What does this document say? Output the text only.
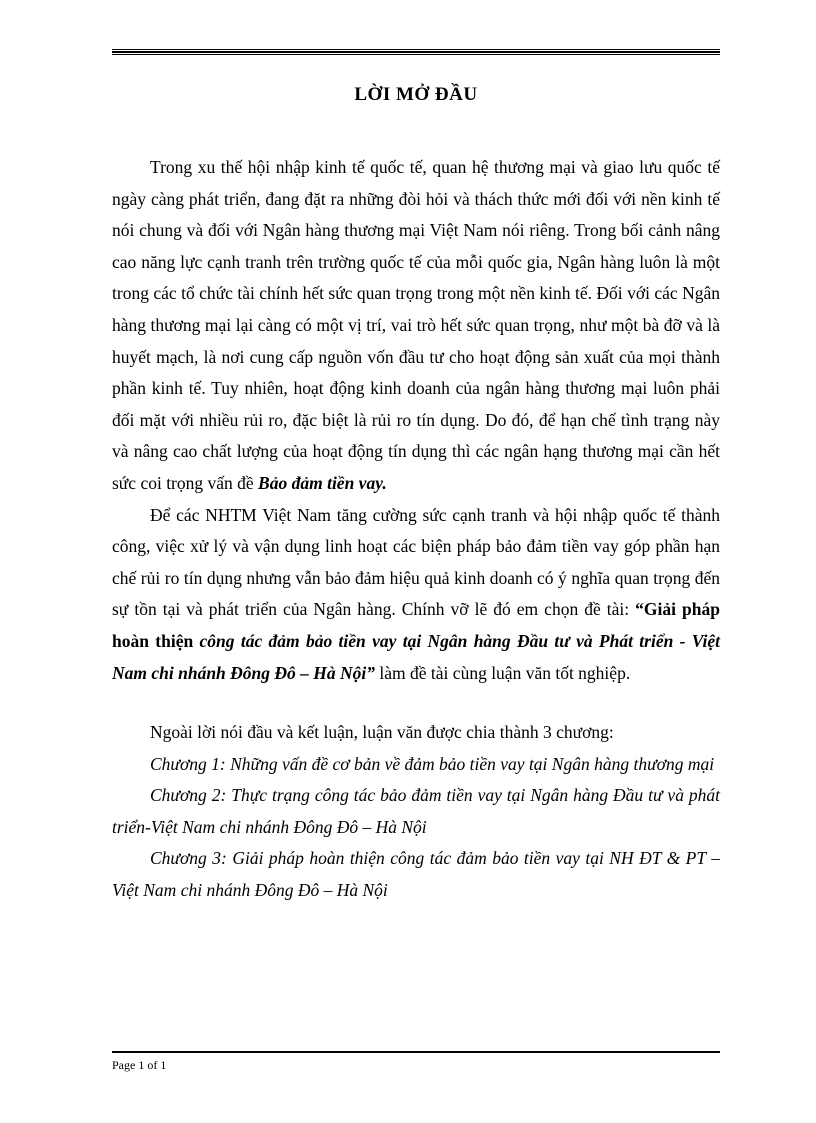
LỜI MỞ ĐẦU

Trong xu thế hội nhập kinh tế quốc tế, quan hệ thương mại và giao lưu quốc tế ngày càng phát triển, đang đặt ra những đòi hỏi và thách thức mới đối với nền kinh tế nói chung và đối với Ngân hàng thương mại Việt Nam nói riêng. Trong bối cảnh nâng cao năng lực cạnh tranh trên trường quốc tế của mỗi quốc gia, Ngân hàng luôn là một trong các tổ chức tài chính hết sức quan trọng trong một nền kinh tế. Đối với các Ngân hàng thương mại lại càng có một vị trí, vai trò hết sức quan trọng, như một bà đỡ và là huyết mạch, là nơi cung cấp nguồn vốn đầu tư cho hoạt động sản xuất của mọi thành phần kinh tế. Tuy nhiên, hoạt động kinh doanh của ngân hàng thương mại luôn phải đối mặt với nhiều rủi ro, đặc biệt là rủi ro tín dụng. Do đó, để hạn chế tình trạng này và nâng cao chất lượng của hoạt động tín dụng thì các ngân hạng thương mại cần hết sức coi trọng vấn đề Bảo đảm tiền vay.

Để các NHTM Việt Nam tăng cường sức cạnh tranh và hội nhập quốc tế thành công, việc xử lý và vận dụng linh hoạt các biện pháp bảo đảm tiền vay góp phần hạn chế rủi ro tín dụng nhưng vẫn bảo đảm hiệu quả kinh doanh có ý nghĩa quan trọng đến sự tồn tại và phát triển của Ngân hàng. Chính vỡ lẽ đó em chọn đề tài: “Giải pháp hoàn thiện công tác đảm bảo tiền vay tại Ngân hàng Đầu tư và Phát triển - Việt Nam chi nhánh Đông Đô – Hà Nội” làm đề tài cùng luận văn tốt nghiệp.

Ngoài lời nói đầu và kết luận, luận văn được chia thành 3 chương:

Chương 1: Những vấn đề cơ bản về đảm bảo tiền vay tại Ngân hàng thương mại

Chương 2: Thực trạng công tác bảo đảm tiền vay tại Ngân hàng Đầu tư và phát triển-Việt Nam chi nhánh Đông Đô – Hà Nội

Chương 3: Giải pháp hoàn thiện công tác đảm bảo tiền vay tại NH ĐT & PT – Việt Nam chi nhánh Đông Đô – Hà Nội

Page 1 of 1
